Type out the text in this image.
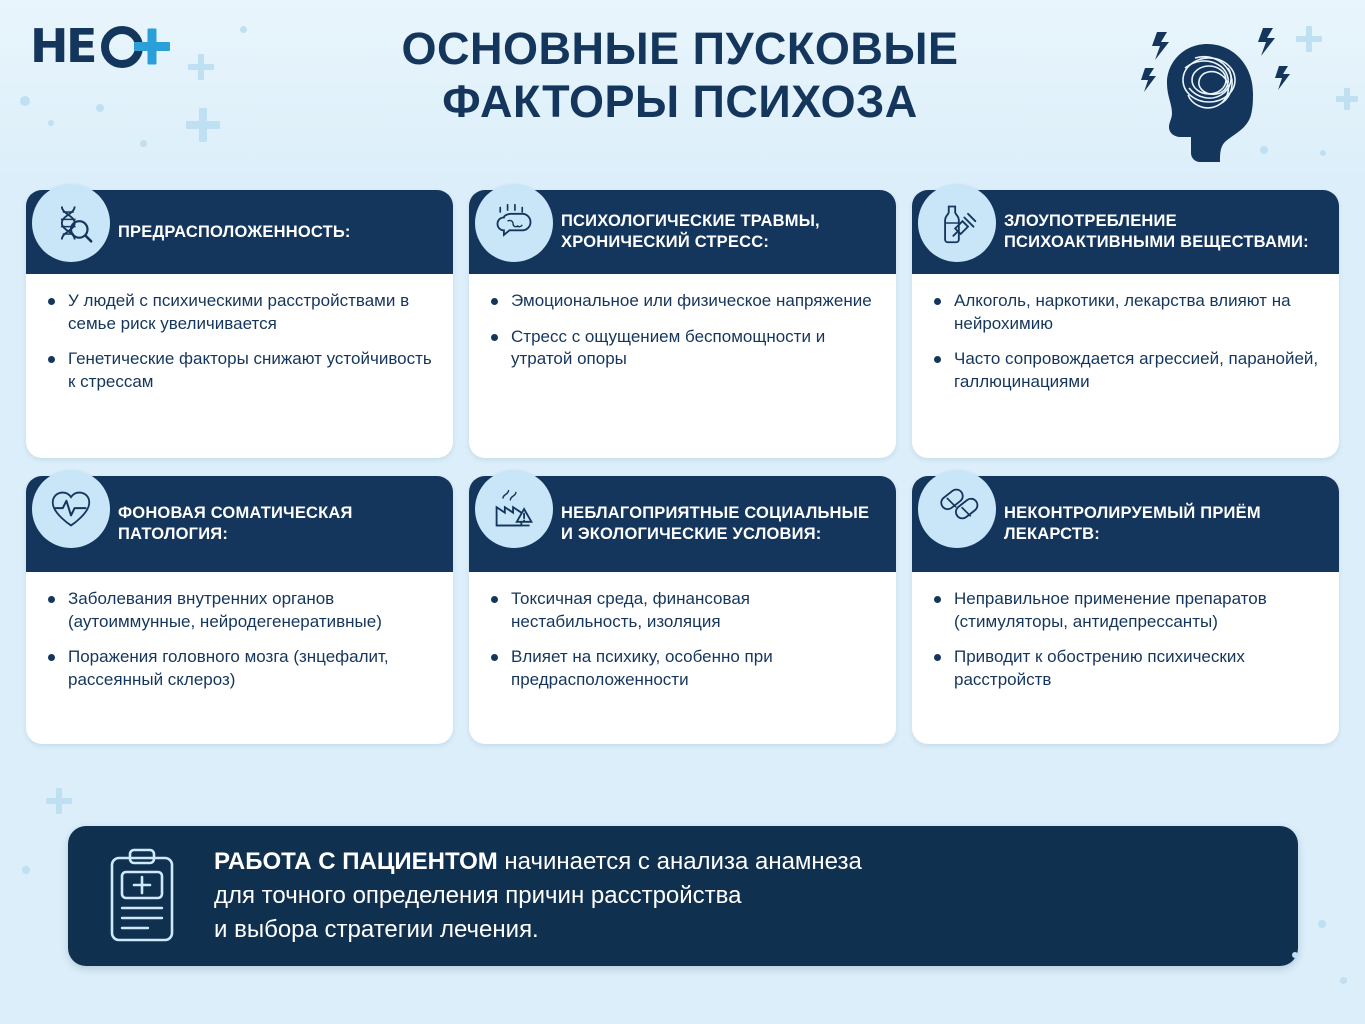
H
E	ОСНОВНЫЕ ПУСКОВЫЕ
ФАКТОРЫ ПСИХОЗА
ПРЕДРАСПОЛОЖЕННОСТЬ:
У людей с психическими расстройствами в семье риск увеличивается
Генетические факторы снижают устойчивость к стрессам
ПСИХОЛОГИЧЕСКИЕ ТРАВМЫ, ХРОНИЧЕСКИЙ СТРЕСС:
Эмоциональное или физическое напряжение
Стресс с ощущением беспомощности и утратой опоры
ЗЛОУПОТРЕБЛЕНИЕ ПСИХОАКТИВНЫМИ ВЕЩЕСТВАМИ:
Алкоголь, наркотики, лекарства влияют на нейрохимию
Часто сопровождается агрессией, паранойей, галлюцинациями
ФОНОВАЯ СОМАТИЧЕСКАЯ ПАТОЛОГИЯ:
Заболевания внутренних органов (аутоиммунные, нейродегенеративные)
Поражения головного мозга (знцефалит, рассеянный склероз)
НЕБЛАГОПРИЯТНЫЕ СОЦИАЛЬНЫЕ И ЭКОЛОГИЧЕСКИЕ УСЛОВИЯ:
Токсичная среда, финансовая нестабильность, изоляция
Влияет на психику, особенно при предрасположенности
НЕКОНТРОЛИРУЕМЫЙ ПРИЁМ ЛЕКАРСТВ:
Неправильное применение препаратов (стимуляторы, антидепрессанты)
Приводит к обострению психических расстройств
РАБОТА С ПАЦИЕНТОМ начинается с анализа анамнеза
для точного определения причин расстройства
и выбора стратегии лечения.
